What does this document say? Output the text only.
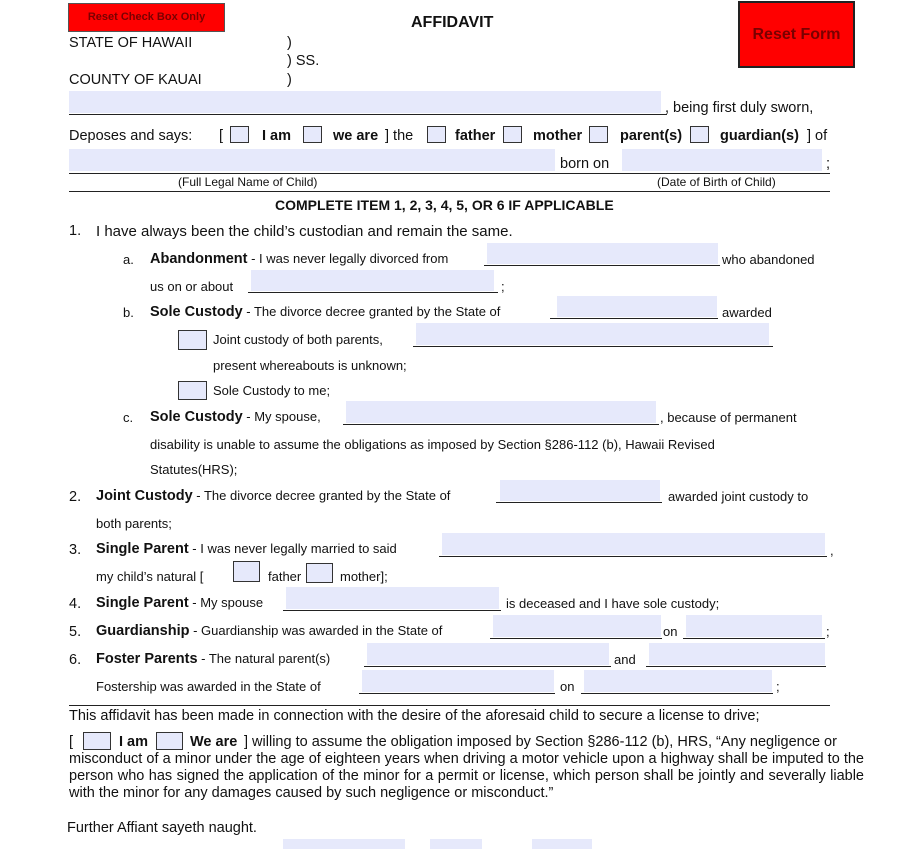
Reset Check Box Only	AFFIDAVIT
Reset Form
STATE OF HAWAII	)
) SS.
COUNTY OF KAUAI	)
, being first duly sworn,
Deposes and says: [	I am	we are ] the	father	mother	parent(s)	guardian(s) ] of
born on	;
(Full Legal Name of Child)	(Date of Birth of Child)
COMPLETE ITEM 1, 2, 3, 4, 5, OR 6 IF APPLICABLE
1. I have always been the child’s custodian and remain the same.
a. Abandonment - I was never legally divorced from	who abandoned
us on or about	;
b. Sole Custody - The divorce decree granted by the State of	awarded
Joint custody of both parents,
present whereabouts is unknown;
Sole Custody to me;
c. Sole Custody - My spouse,	, because of permanent
disability is unable to assume the obligations as imposed by Section §286-112 (b), Hawaii Revised
Statutes(HRS);
2. Joint Custody - The divorce decree granted by the State of	awarded joint custody to
both parents;
3. Single Parent - I was never legally married to said	,
my child’s natural [	father	mother];
4. Single Parent - My spouse	is deceased and I have sole custody;
5. Guardianship - Guardianship was awarded in the State of	on	;
6. Foster Parents - The natural parent(s)	and
Fostership was awarded in the State of	on	;
This affidavit has been made in connection with the desire of the aforesaid child to secure a license to drive;
[	I am	We are ] willing to assume the obligation imposed by Section §286-112 (b), HRS, “Any negligence or
misconduct of a minor under the age of eighteen years when driving a motor vehicle upon a highway shall be imputed to the person who has signed the application of the minor for a permit or license, which person shall be jointly and severally liable with the minor for any damages caused by such negligence or misconduct.”
Further Affiant sayeth naught.
